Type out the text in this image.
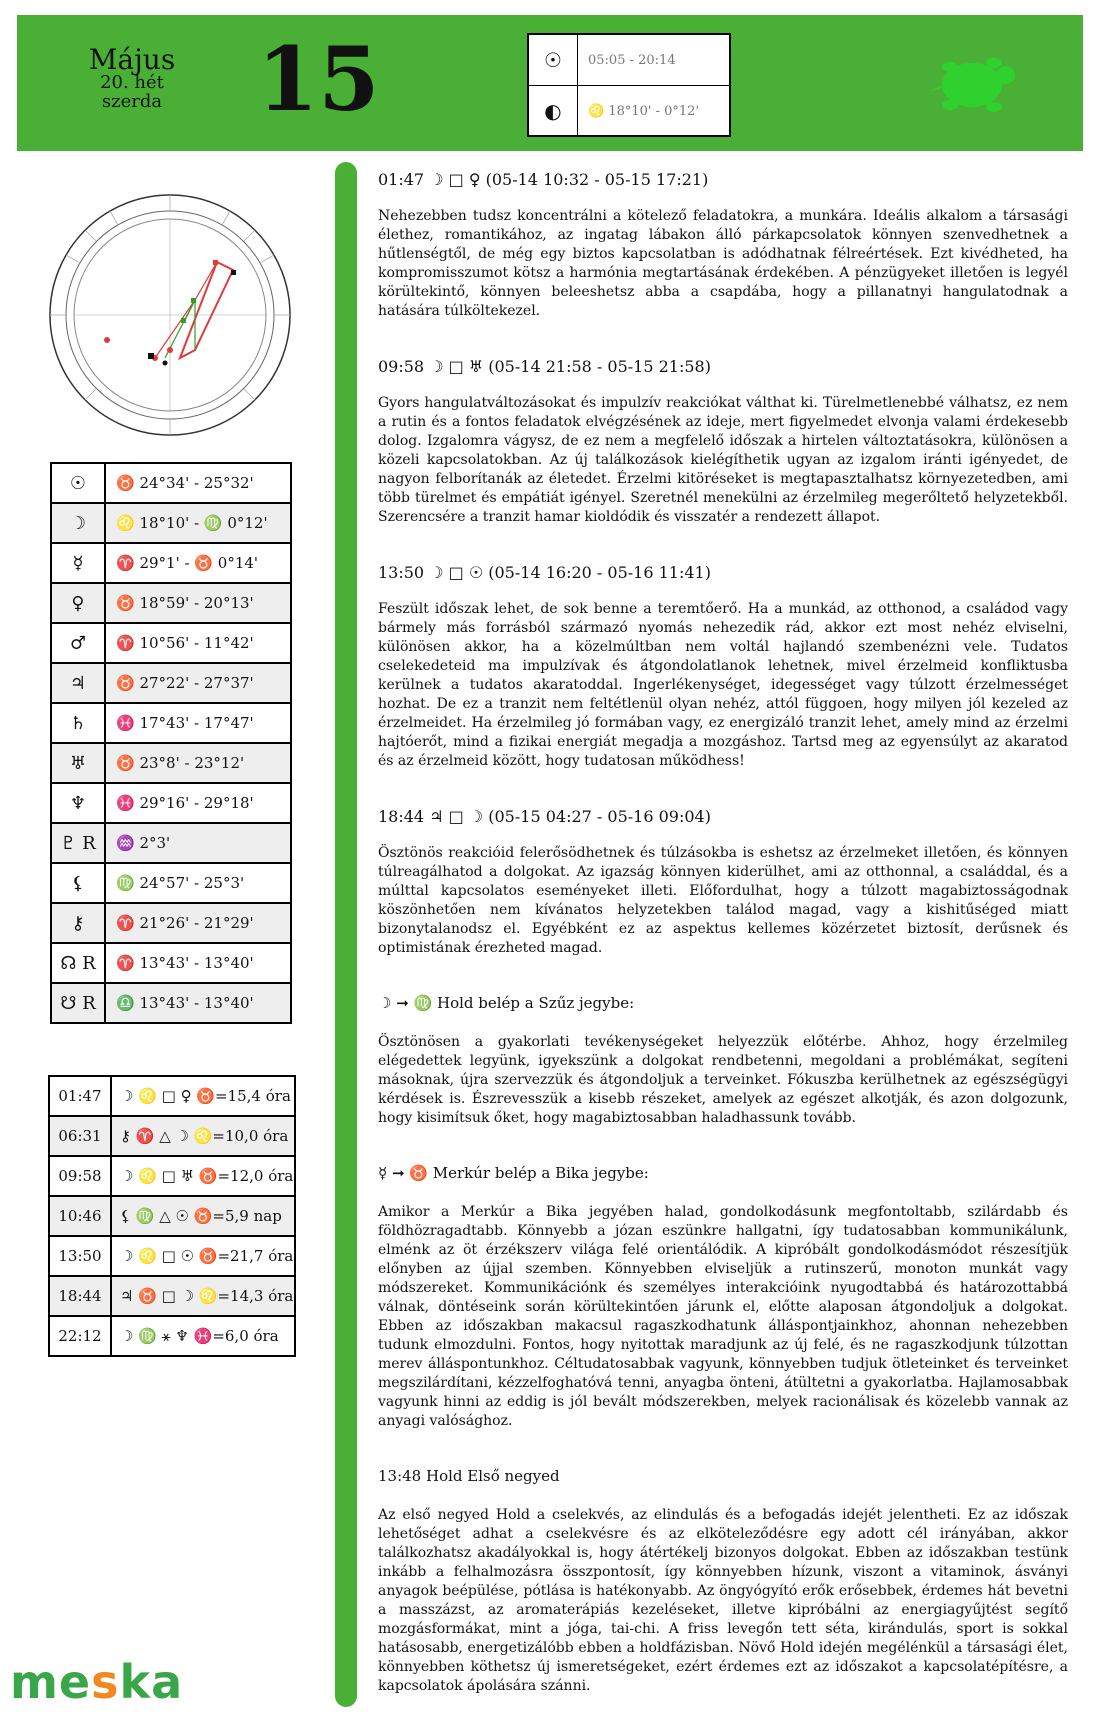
Május
20. hét
szerda	15	☉	05:05 - 20:14
◐	♌ 18°10' - 0°12'
☉	♉ 24°34' - 25°32'
☽	♌ 18°10' - ♍ 0°12'
☿	♈ 29°1' - ♉ 0°14'
♀	♉ 18°59' - 20°13'
♂	♈ 10°56' - 11°42'
♃	♉ 27°22' - 27°37'
♄	♓ 17°43' - 17°47'
♅	♉ 23°8' - 23°12'
♆	♓ 29°16' - 29°18'
♇ R	♒ 2°3'
⚸	♍ 24°57' - 25°3'
⚷	♈ 21°26' - 21°29'
☊ R	♈ 13°43' - 13°40'
☋ R	♎ 13°43' - 13°40'
01:47	☽ ♌ □ ♀ ♉=15,4 óra
06:31	⚷ ♈ △ ☽ ♌=10,0 óra
09:58	☽ ♌ □ ♅ ♉=12,0 óra
10:46	⚸ ♍ △ ☉ ♉=5,9 nap
13:50	☽ ♌ □ ☉ ♉=21,7 óra
18:44	♃ ♉ □ ☽ ♌=14,3 óra
22:12	☽ ♍ ⚹ ♆ ♓=6,0 óra
01:47 ☽ □ ♀ (05-14 10:32 - 05-15 17:21)
Nehezebben tudsz koncentrálni a kötelező feladatokra, a munkára. Ideális alkalom a társasági élethez, romantikához, az ingatag lábakon álló párkapcsolatok könnyen szenvedhetnek a hűtlenségtől, de még egy biztos kapcsolatban is adódhatnak félreértések. Ezt kivédheted, ha kompromisszumot kötsz a harmónia megtartásának érdekében. A pénzügyeket illetően is legyél körültekintő, könnyen beleeshetsz abba a csapdába, hogy a pillanatnyi hangulatodnak a hatására túlköltekezel.
09:58 ☽ □ ♅ (05-14 21:58 - 05-15 21:58)
Gyors hangulatváltozásokat és impulzív reakciókat válthat ki. Türelmetlenebbé válhatsz, ez nem a rutin és a fontos feladatok elvégzésének az ideje, mert figyelmedet elvonja valami érdekesebb dolog. Izgalomra vágysz, de ez nem a megfelelő időszak a hirtelen változtatásokra, különösen a közeli kapcsolatokban. Az új találkozások kielégíthetik ugyan az izgalom iránti igényedet, de nagyon felborítanák az életedet. Érzelmi kitöréseket is megtapasztalhatsz környezetedben, ami több türelmet és empátiát igényel. Szeretnél menekülni az érzelmileg megerőltető helyzetekből. Szerencsére a tranzit hamar kioldódik és visszatér a rendezett állapot.
13:50 ☽ □ ☉ (05-14 16:20 - 05-16 11:41)
Feszült időszak lehet, de sok benne a teremtőerő. Ha a munkád, az otthonod, a családod vagy bármely más forrásból származó nyomás nehezedik rád, akkor ezt most nehéz elviselni, különösen akkor, ha a közelmúltban nem voltál hajlandó szembenézni vele. Tudatos cselekedeteid ma impulzívak és átgondolatlanok lehetnek, mivel érzelmeid konfliktusba kerülnek a tudatos akaratoddal. Ingerlékenységet, idegességet vagy túlzott érzelmességet hozhat. De ez a tranzit nem feltétlenül olyan nehéz, attól függoen, hogy milyen jól kezeled az érzelmeidet. Ha érzelmileg jó formában vagy, ez energizáló tranzit lehet, amely mind az érzelmi hajtóerőt, mind a fizikai energiát megadja a mozgáshoz. Tartsd meg az egyensúlyt az akaratod és az érzelmeid között, hogy tudatosan működhess!
18:44 ♃ □ ☽ (05-15 04:27 - 05-16 09:04)
Ösztönös reakcióid felerősödhetnek és túlzásokba is eshetsz az érzelmeket illetően, és könnyen túlreagálhatod a dolgokat. Az igazság könnyen kiderülhet, ami az otthonnal, a családdal, és a múlttal kapcsolatos eseményeket illeti. Előfordulhat, hogy a túlzott magabiztosságodnak köszönhetően nem kívánatos helyzetekben találod magad, vagy a kishitűséged miatt bizonytalanodsz el. Egyébként ez az aspektus kellemes közérzetet biztosít, derűsnek és optimistának érezheted magad.
☽ ➞ ♍ Hold belép a Szűz jegybe:
Ösztönösen a gyakorlati tevékenységeket helyezzük előtérbe. Ahhoz, hogy érzelmileg elégedettek legyünk, igyekszünk a dolgokat rendbetenni, megoldani a problémákat, segíteni másoknak, újra szervezzük és átgondoljuk a terveinket. Fókuszba kerülhetnek az egészségügyi kérdések is. Észrevesszük a kisebb részeket, amelyek az egészet alkotják, és azon dolgozunk, hogy kisimítsuk őket, hogy magabiztosabban haladhassunk tovább.
☿ ➞ ♉ Merkúr belép a Bika jegybe:
Amikor a Merkúr a Bika jegyében halad, gondolkodásunk megfontoltabb, szilárdabb és földhözragadtabb. Könnyebb a józan eszünkre hallgatni, így tudatosabban kommunikálunk, elménk az öt érzékszerv világa felé orientálódik. A kipróbált gondolkodásmódot részesítjük előnyben az újjal szemben. Könnyebben elviseljük a rutinszerű, monoton munkát vagy módszereket. Kommunikációnk és személyes interakcióink nyugodtabbá és határozottabbá válnak, döntéseink során körültekintően járunk el, előtte alaposan átgondoljuk a dolgokat. Ebben az időszakban makacsul ragaszkodhatunk álláspontjainkhoz, ahonnan nehezebben tudunk elmozdulni. Fontos, hogy nyitottak maradjunk az új felé, és ne ragaszkodjunk túlzottan merev álláspontunkhoz. Céltudatosabbak vagyunk, könnyebben tudjuk ötleteinket és terveinket megszilárdítani, kézzelfoghatóvá tenni, anyagba önteni, átültetni a gyakorlatba. Hajlamosabbak vagyunk hinni az eddig is jól bevált módszerekben, melyek racionálisak és közelebb vannak az anyagi valósághoz.
13:48 Hold Első negyed
Az első negyed Hold a cselekvés, az elindulás és a befogadás idejét jelentheti. Ez az időszak lehetőséget adhat a cselekvésre és az elköteleződésre egy adott cél irányában, akkor találkozhatsz akadályokkal is, hogy átértékelj bizonyos dolgokat. Ebben az időszakban testünk inkább a felhalmozásra összpontosít, így könnyebben hízunk, viszont a vitaminok, ásványi anyagok beépülése, pótlása is hatékonyabb. Az öngyógyító erők erősebbek, érdemes hát bevetni a masszázst, az aromaterápiás kezeléseket, illetve kipróbálni az energiagyűjtést segítő mozgásformákat, mint a jóga, tai-chi. A friss levegőn tett séta, kirándulás, sport is sokkal hatásosabb, energetizálóbb ebben a holdfázisban. Növő Hold idején megélénkül a társasági élet, könnyebben köthetsz új ismeretségeket, ezért érdemes ezt az időszakot a kapcsolatépítésre, a kapcsolatok ápolására szánni.
meska
